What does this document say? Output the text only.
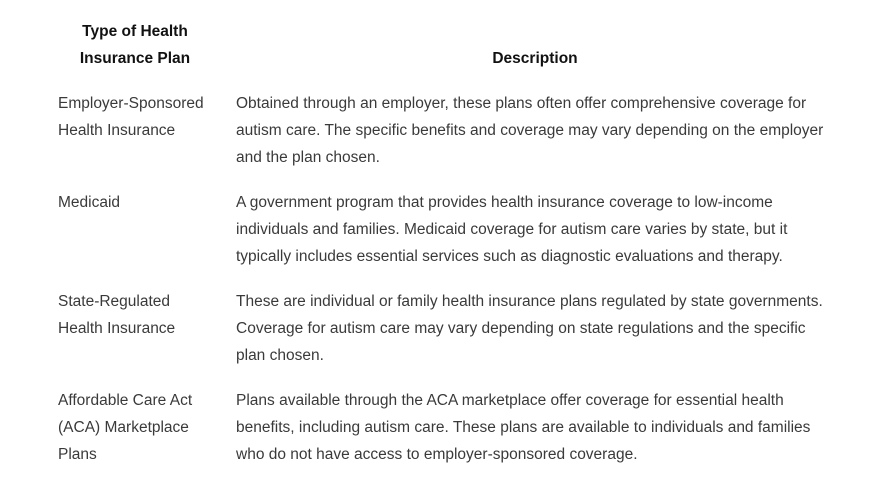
Type of Health Insurance Plan	Description
Employer-Sponsored Health Insurance	Obtained through an employer, these plans often offer comprehensive coverage for autism care. The specific benefits and coverage may vary depending on the employer and the plan chosen.
Medicaid	A government program that provides health insurance coverage to low-income individuals and families. Medicaid coverage for autism care varies by state, but it typically includes essential services such as diagnostic evaluations and therapy.
State-Regulated Health Insurance	These are individual or family health insurance plans regulated by state governments. Coverage for autism care may vary depending on state regulations and the specific plan chosen.
Affordable Care Act (ACA) Marketplace Plans	Plans available through the ACA marketplace offer coverage for essential health benefits, including autism care. These plans are available to individuals and families who do not have access to employer-sponsored coverage.
